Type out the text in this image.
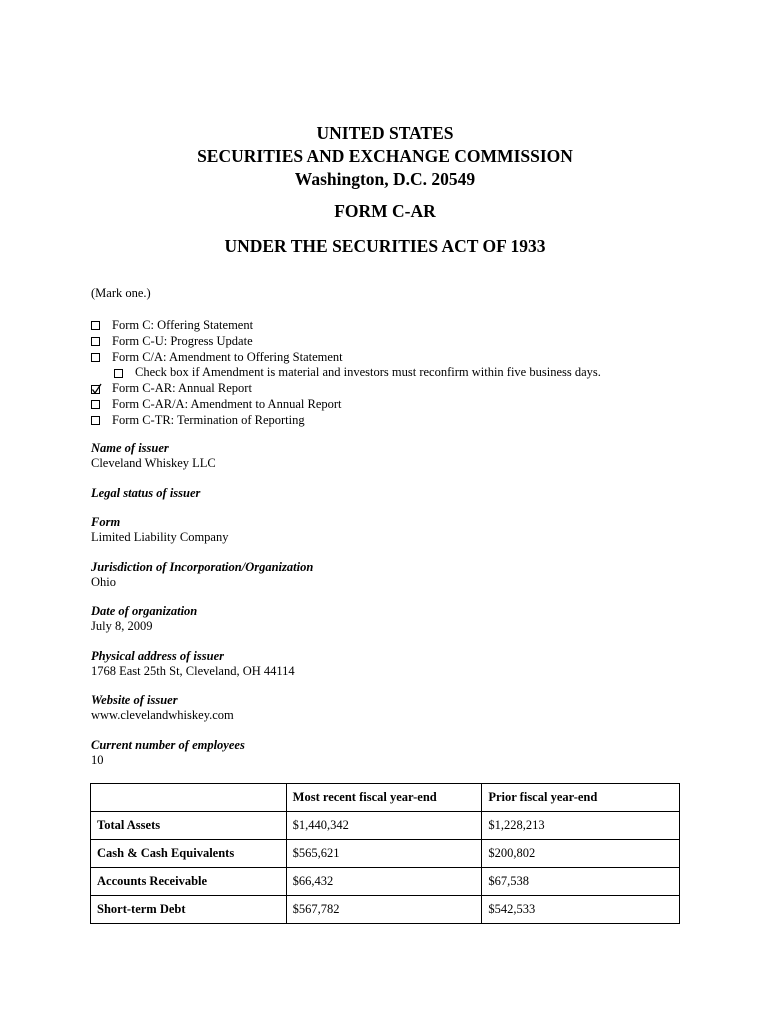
UNITED STATES
SECURITIES AND EXCHANGE COMMISSION
Washington, D.C. 20549
FORM C-AR
UNDER THE SECURITIES ACT OF 1933
(Mark one.)
Form C: Offering Statement
Form C-U: Progress Update
Form C/A: Amendment to Offering Statement
Check box if Amendment is material and investors must reconfirm within five business days.
Form C-AR: Annual Report
Form C-AR/A: Amendment to Annual Report
Form C-TR: Termination of Reporting
Name of issuer
Cleveland Whiskey LLC
Legal status of issuer
Form
Limited Liability Company
Jurisdiction of Incorporation/Organization
Ohio
Date of organization
July 8, 2009
Physical address of issuer
1768 East 25th St, Cleveland, OH 44114
Website of issuer
www.clevelandwhiskey.com
Current number of employees
10
	Most recent fiscal year-end	Prior fiscal year-end
Total Assets	$1,440,342	$1,228,213
Cash & Cash Equivalents	$565,621	$200,802
Accounts Receivable	$66,432	$67,538
Short-term Debt	$567,782	$542,533
